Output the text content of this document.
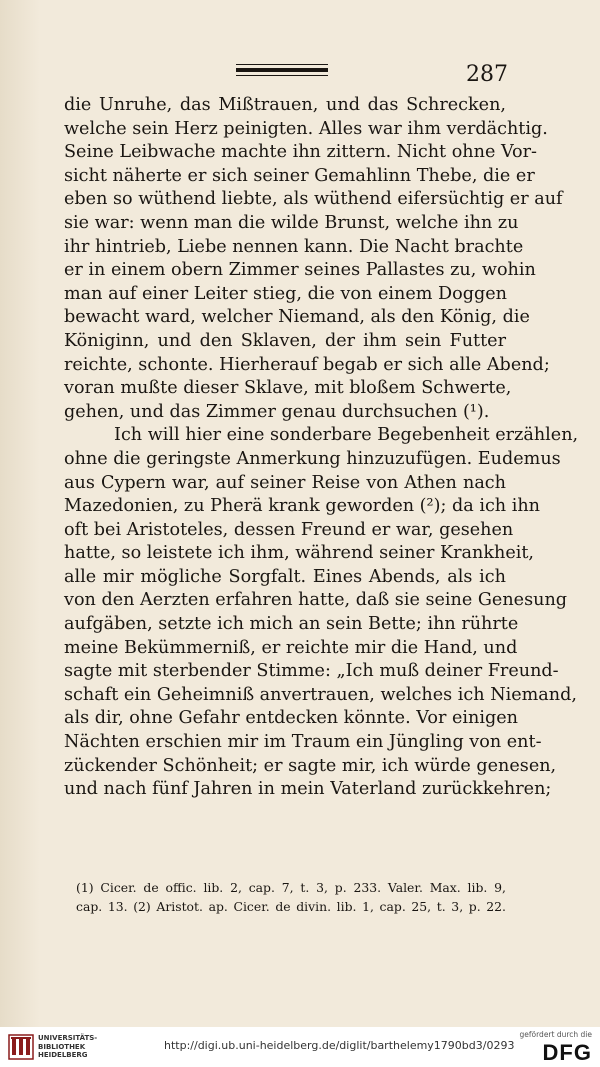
287
die Unruhe, das Mißtrauen, und das Schrecken,
welche sein Herz peinigten. Alles war ihm verdächtig.
Seine Leibwache machte ihn zittern. Nicht ohne Vor-
sicht näherte er sich seiner Gemahlinn Thebe, die er
eben so wüthend liebte, als wüthend eifersüchtig er auf
sie war: wenn man die wilde Brunst, welche ihn zu
ihr hintrieb, Liebe nennen kann. Die Nacht brachte
er in einem obern Zimmer seines Pallastes zu, wohin
man auf einer Leiter stieg, die von einem Doggen
bewacht ward, welcher Niemand, als den König, die
Königinn, und den Sklaven, der ihm sein Futter
reichte, schonte. Hierherauf begab er sich alle Abend;
voran mußte dieser Sklave, mit bloßem Schwerte,
gehen, und das Zimmer genau durchsuchen (¹).
Ich will hier eine sonderbare Begebenheit erzählen,
ohne die geringste Anmerkung hinzuzufügen. Eudemus
aus Cypern war, auf seiner Reise von Athen nach
Mazedonien, zu Pherä krank geworden (²); da ich ihn
oft bei Aristoteles, dessen Freund er war, gesehen
hatte, so leistete ich ihm, während seiner Krankheit,
alle mir mögliche Sorgfalt. Eines Abends, als ich
von den Aerzten erfahren hatte, daß sie seine Genesung
aufgäben, setzte ich mich an sein Bette; ihn rührte
meine Bekümmerniß, er reichte mir die Hand, und
sagte mit sterbender Stimme: „Ich muß deiner Freund-
schaft ein Geheimniß anvertrauen, welches ich Niemand,
als dir, ohne Gefahr entdecken könnte. Vor einigen
Nächten erschien mir im Traum ein Jüngling von ent-
zückender Schönheit; er sagte mir, ich würde genesen,
und nach fünf Jahren in mein Vaterland zurückkehren;
(1) Cicer. de offic. lib. 2, cap. 7, t. 3, p. 233. Valer. Max. lib. 9,
cap. 13. (2) Aristot. ap. Cicer. de divin. lib. 1, cap. 25, t. 3, p. 22.
UNIVERSITÄTS-
BIBLIOTHEK
HEIDELBERG
http://digi.ub.uni-heidelberg.de/diglit/barthelemy1790bd3/0293
gefördert durch die
DFG
